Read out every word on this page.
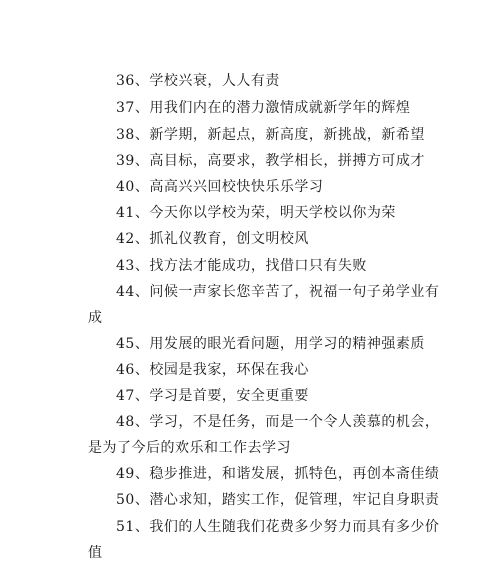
36、学校兴衰，人人有责
37、用我们内在的潜力激情成就新学年的辉煌
38、新学期，新起点，新高度，新挑战，新希望
39、高目标，高要求，教学相长，拼搏方可成才
40、高高兴兴回校快快乐乐学习
41、今天你以学校为荣，明天学校以你为荣
42、抓礼仪教育，创文明校风
43、找方法才能成功，找借口只有失败
44、问候一声家长您辛苦了，祝福一句子弟学业有
成
45、用发展的眼光看问题，用学习的精神强素质
46、校园是我家，环保在我心
47、学习是首要，安全更重要
48、学习，不是任务，而是一个令人羡慕的机会，
是为了今后的欢乐和工作去学习
49、稳步推进，和谐发展，抓特色，再创本斋佳绩
50、潜心求知，踏实工作，促管理，牢记自身职责
51、我们的人生随我们花费多少努力而具有多少价
值
